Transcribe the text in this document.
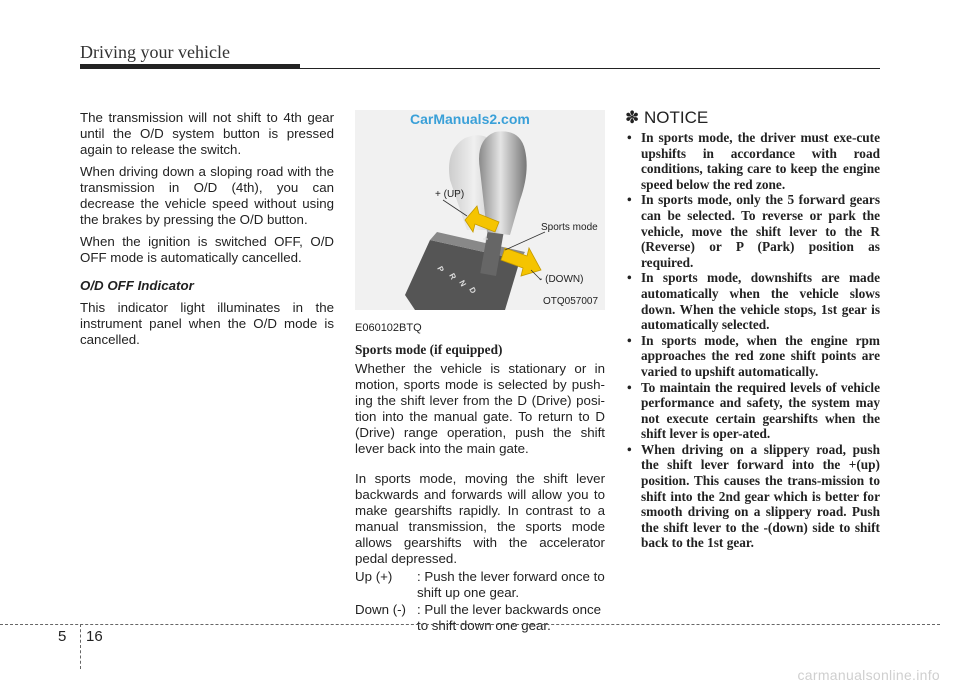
Driving your vehicle

The transmission will not shift to 4th gear until the O/D system button is pressed again to release the switch.

When driving down a sloping road with the transmission in O/D (4th), you can decrease the vehicle speed without using the brakes by pressing the O/D button.

When the ignition is switched OFF, O/D OFF mode is automatically cancelled.

O/D OFF Indicator

This indicator light illuminates in the instrument panel when the O/D mode is cancelled.

P
R
N
D
+
CarManuals2.com
+ (UP)
Sports mode
- (DOWN)
OTQ057007
E060102BTQ
Sports mode (if equipped)

Whether the vehicle is stationary or in motion, sports mode is selected by push-ing the shift lever from the D (Drive) posi-tion into the manual gate. To return to D (Drive) range operation, push the shift lever back into the main gate.

In sports mode, moving the shift lever backwards and forwards will allow you to make gearshifts rapidly. In contrast to a manual transmission, the sports mode allows gearshifts with the accelerator pedal depressed.

Up (+)	: Push the lever forward once to shift up one gear.
Down (-) : Pull the lever backwards once to shift down one gear.
✽ NOTICE
• In sports mode, the driver must exe-cute upshifts in accordance with road conditions, taking care to keep the engine speed below the red zone.
• In sports mode, only the 5 forward gears can be selected. To reverse or park the vehicle, move the shift lever to the R (Reverse) or P (Park) position as required.
• In sports mode, downshifts are made automatically when the vehicle slows down. When the vehicle stops, 1st gear is automatically selected.
• In sports mode, when the engine rpm approaches the red zone shift points are varied to upshift automatically.
• To maintain the required levels of vehicle performance and safety, the system may not execute certain gearshifts when the shift lever is oper-ated.
• When driving on a slippery road, push the shift lever forward into the +(up) position. This causes the trans-mission to shift into the 2nd gear which is better for smooth driving on a slippery road. Push the shift lever to the -(down) side to shift back to the 1st gear.
5 16
carmanualsonline.info
